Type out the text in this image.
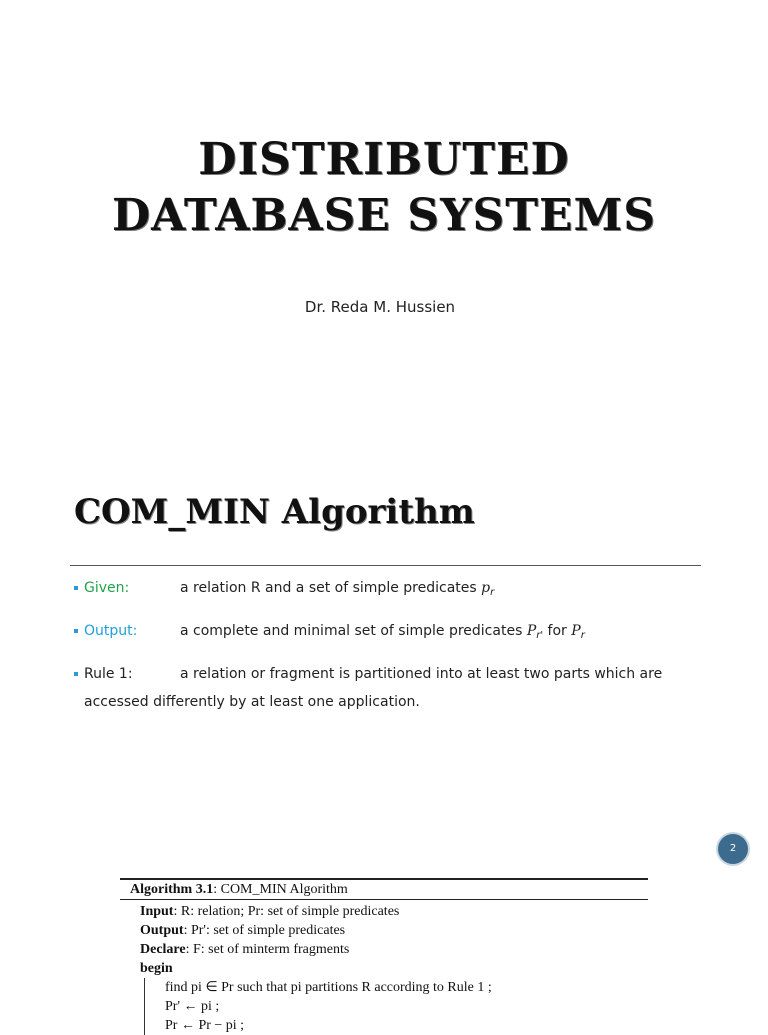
DISTRIBUTED
DATABASE SYSTEMS
Dr. Reda M. Hussien
COM_MIN Algorithm
Given:	a relation R and a set of simple predicates $p_r$
Output:	a complete and minimal set of simple predicates $P_{r'}$ for $P_r$
Rule 1:	a relation or fragment is partitioned into at least two parts which are
accessed differently by at least one application.
2
Algorithm 3.1: COM_MIN Algorithm
Input: R: relation; Pr: set of simple predicates
Output: Pr': set of simple predicates
Declare: F: set of minterm fragments
begin
find pi ∈ Pr such that pi partitions R according to Rule 1 ;
Pr' ← pi ;
Pr ← Pr − pi ;
